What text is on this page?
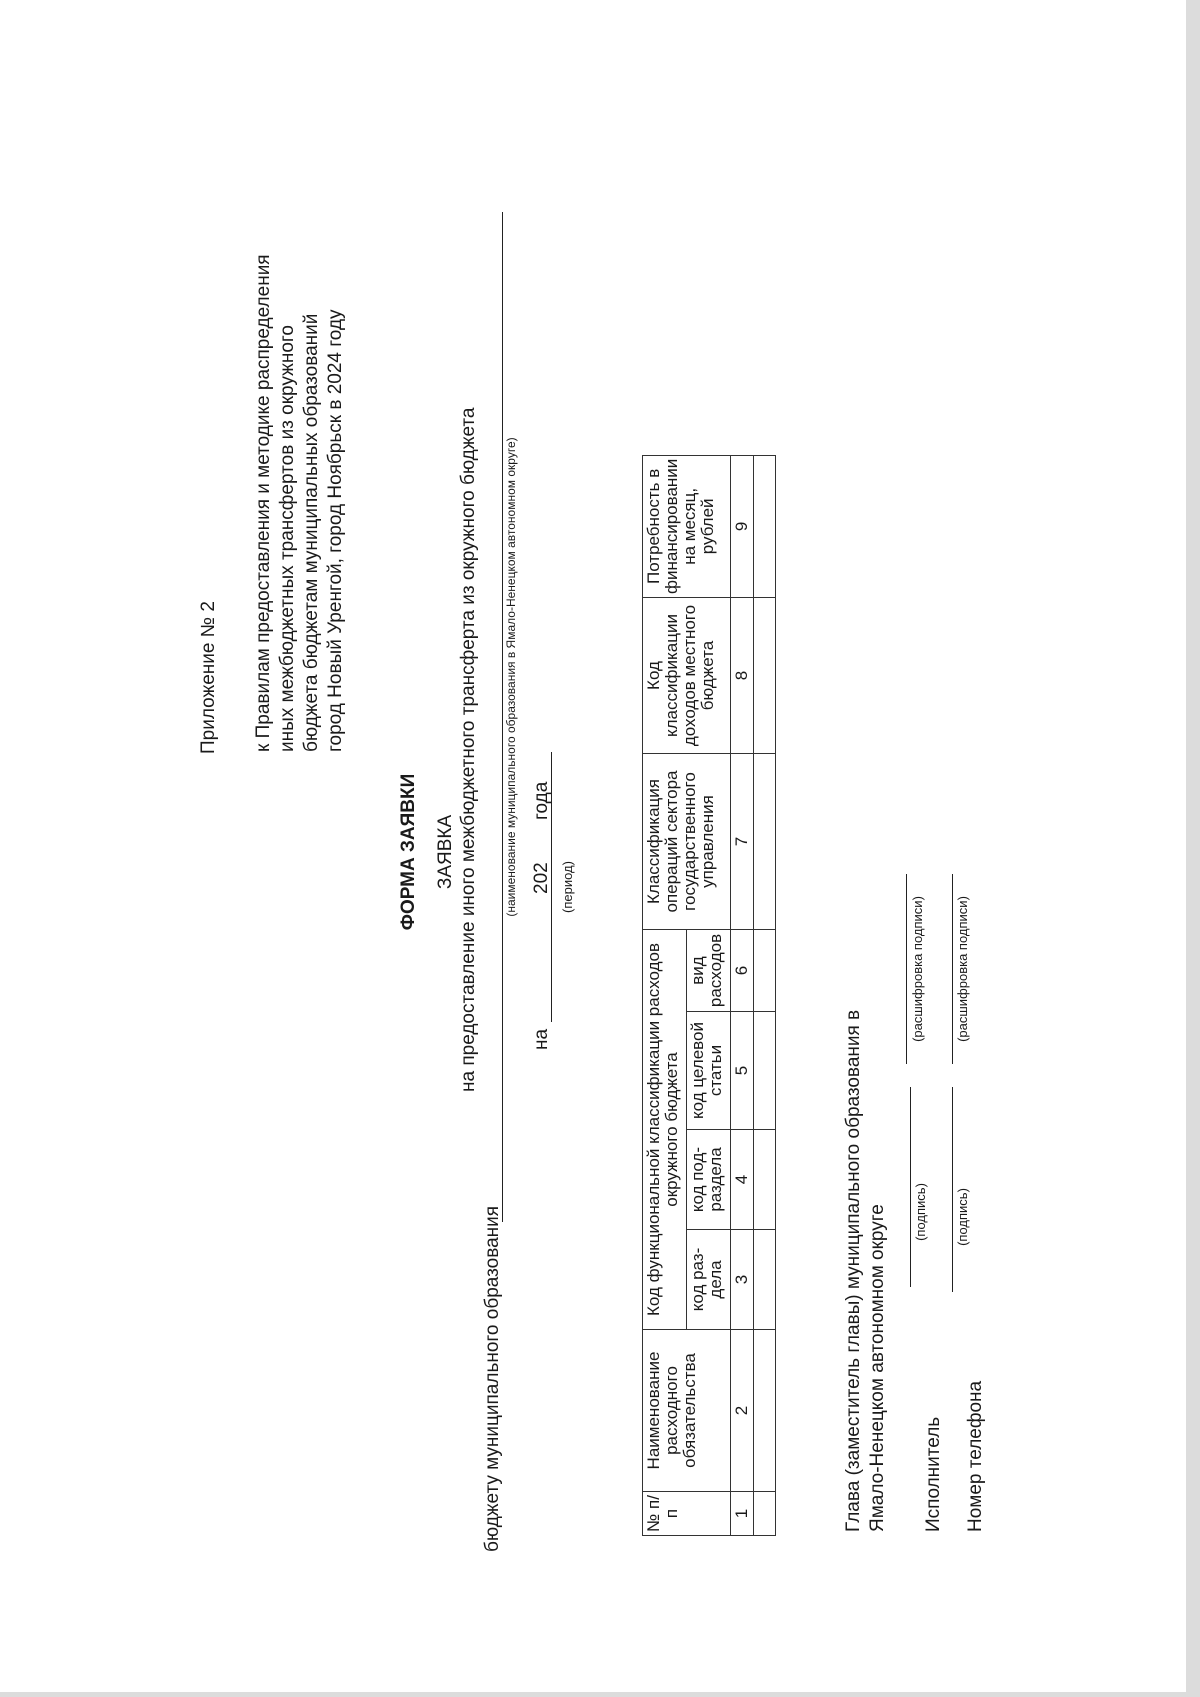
Приложение № 2 к Правилам предоставления и методике распределения
иных межбюджетных трансфертов из окружного
бюджета бюджетам муниципальных образований
город Новый Уренгой, город Ноябрьск в 2024 году
ФОРМА ЗАЯВКИ ЗАЯВКА на предоставление иного межбюджетного трансферта из окружного бюджета
бюджету муниципального образования
(наименование муниципального образования в Ямало-Ненецком автономном округе)
на
202
года
(период)
№ п/п	Наименование расходного обязательства	Код функциональной классификации расходов окружного бюджета				Классификация операций сектора государственного управления	Код классификации доходов местного бюджета	Потребность в финансировании на месяц, рублей
		код раз-дела	код под-раздела	код целевой статьи	вид расходов			
1	2	3	4	5	6	7	8	9

Глава (заместитель главы) муниципального образования в
Ямало-Ненецком автономном округе (подпись)
(расшифровка подписи)
Исполнитель
(подпись)
(расшифровка подписи)
Номер телефона
